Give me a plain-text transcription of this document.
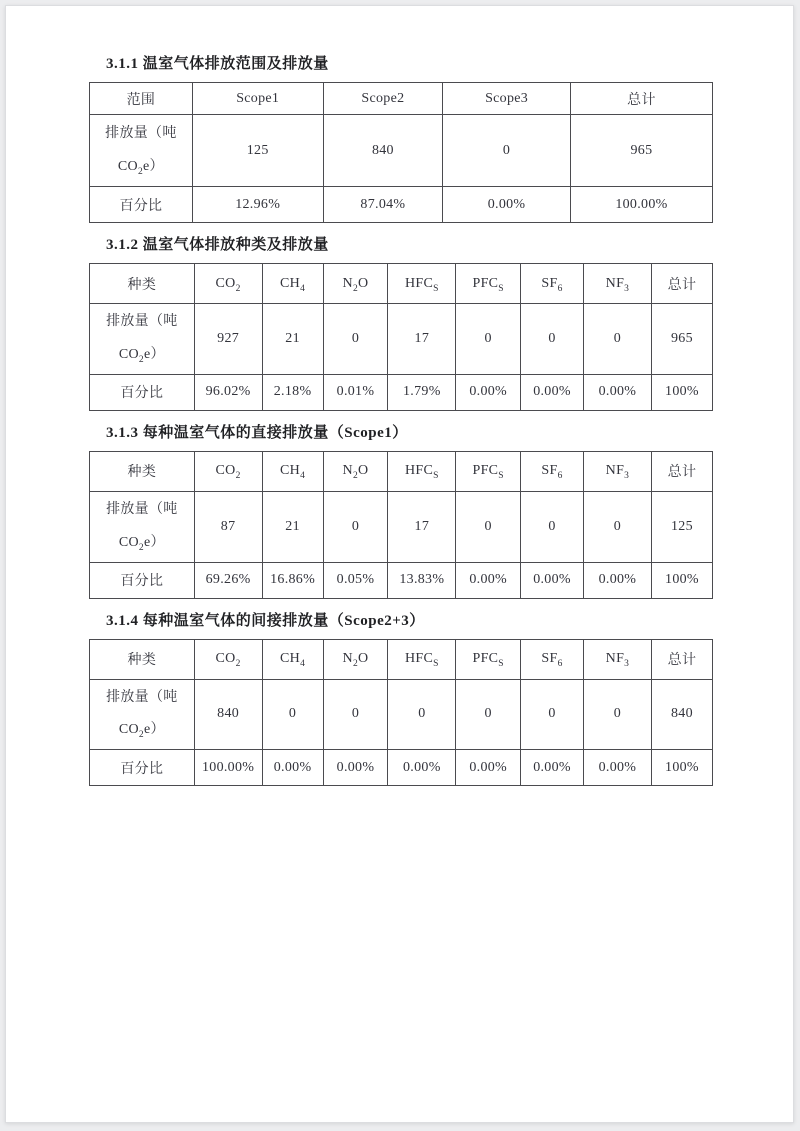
3.1.1 温室气体排放范围及排放量
范围	Scope1	Scope2	Scope3	总计
排放量（吨$CO_2e$）	125	840	0	965
百分比	12.96%	87.04%	0.00%	100.00%
3.1.2 温室气体排放种类及排放量
种类	$CO_2$	$CH_4$	$N_2O$	$HFC_S$	$PFC_S$	$SF_6$	$NF_3$	总计
排放量（吨$CO_2e$）	927	21	0	17	0	0	0	965
百分比	96.02%	2.18%	0.01%	1.79%	0.00%	0.00%	0.00%	100%
3.1.3 每种温室气体的直接排放量（Scope1）
种类	$CO_2$	$CH_4$	$N_2O$	$HFC_S$	$PFC_S$	$SF_6$	$NF_3$	总计
排放量（吨$CO_2e$）	87	21	0	17	0	0	0	125
百分比	69.26%	16.86%	0.05%	13.83%	0.00%	0.00%	0.00%	100%
3.1.4 每种温室气体的间接排放量（Scope2+3）
种类	$CO_2$	$CH_4$	$N_2O$	$HFC_S$	$PFC_S$	$SF_6$	$NF_3$	总计
排放量（吨$CO_2e$）	840	0	0	0	0	0	0	840
百分比	100.00%	0.00%	0.00%	0.00%	0.00%	0.00%	0.00%	100%
